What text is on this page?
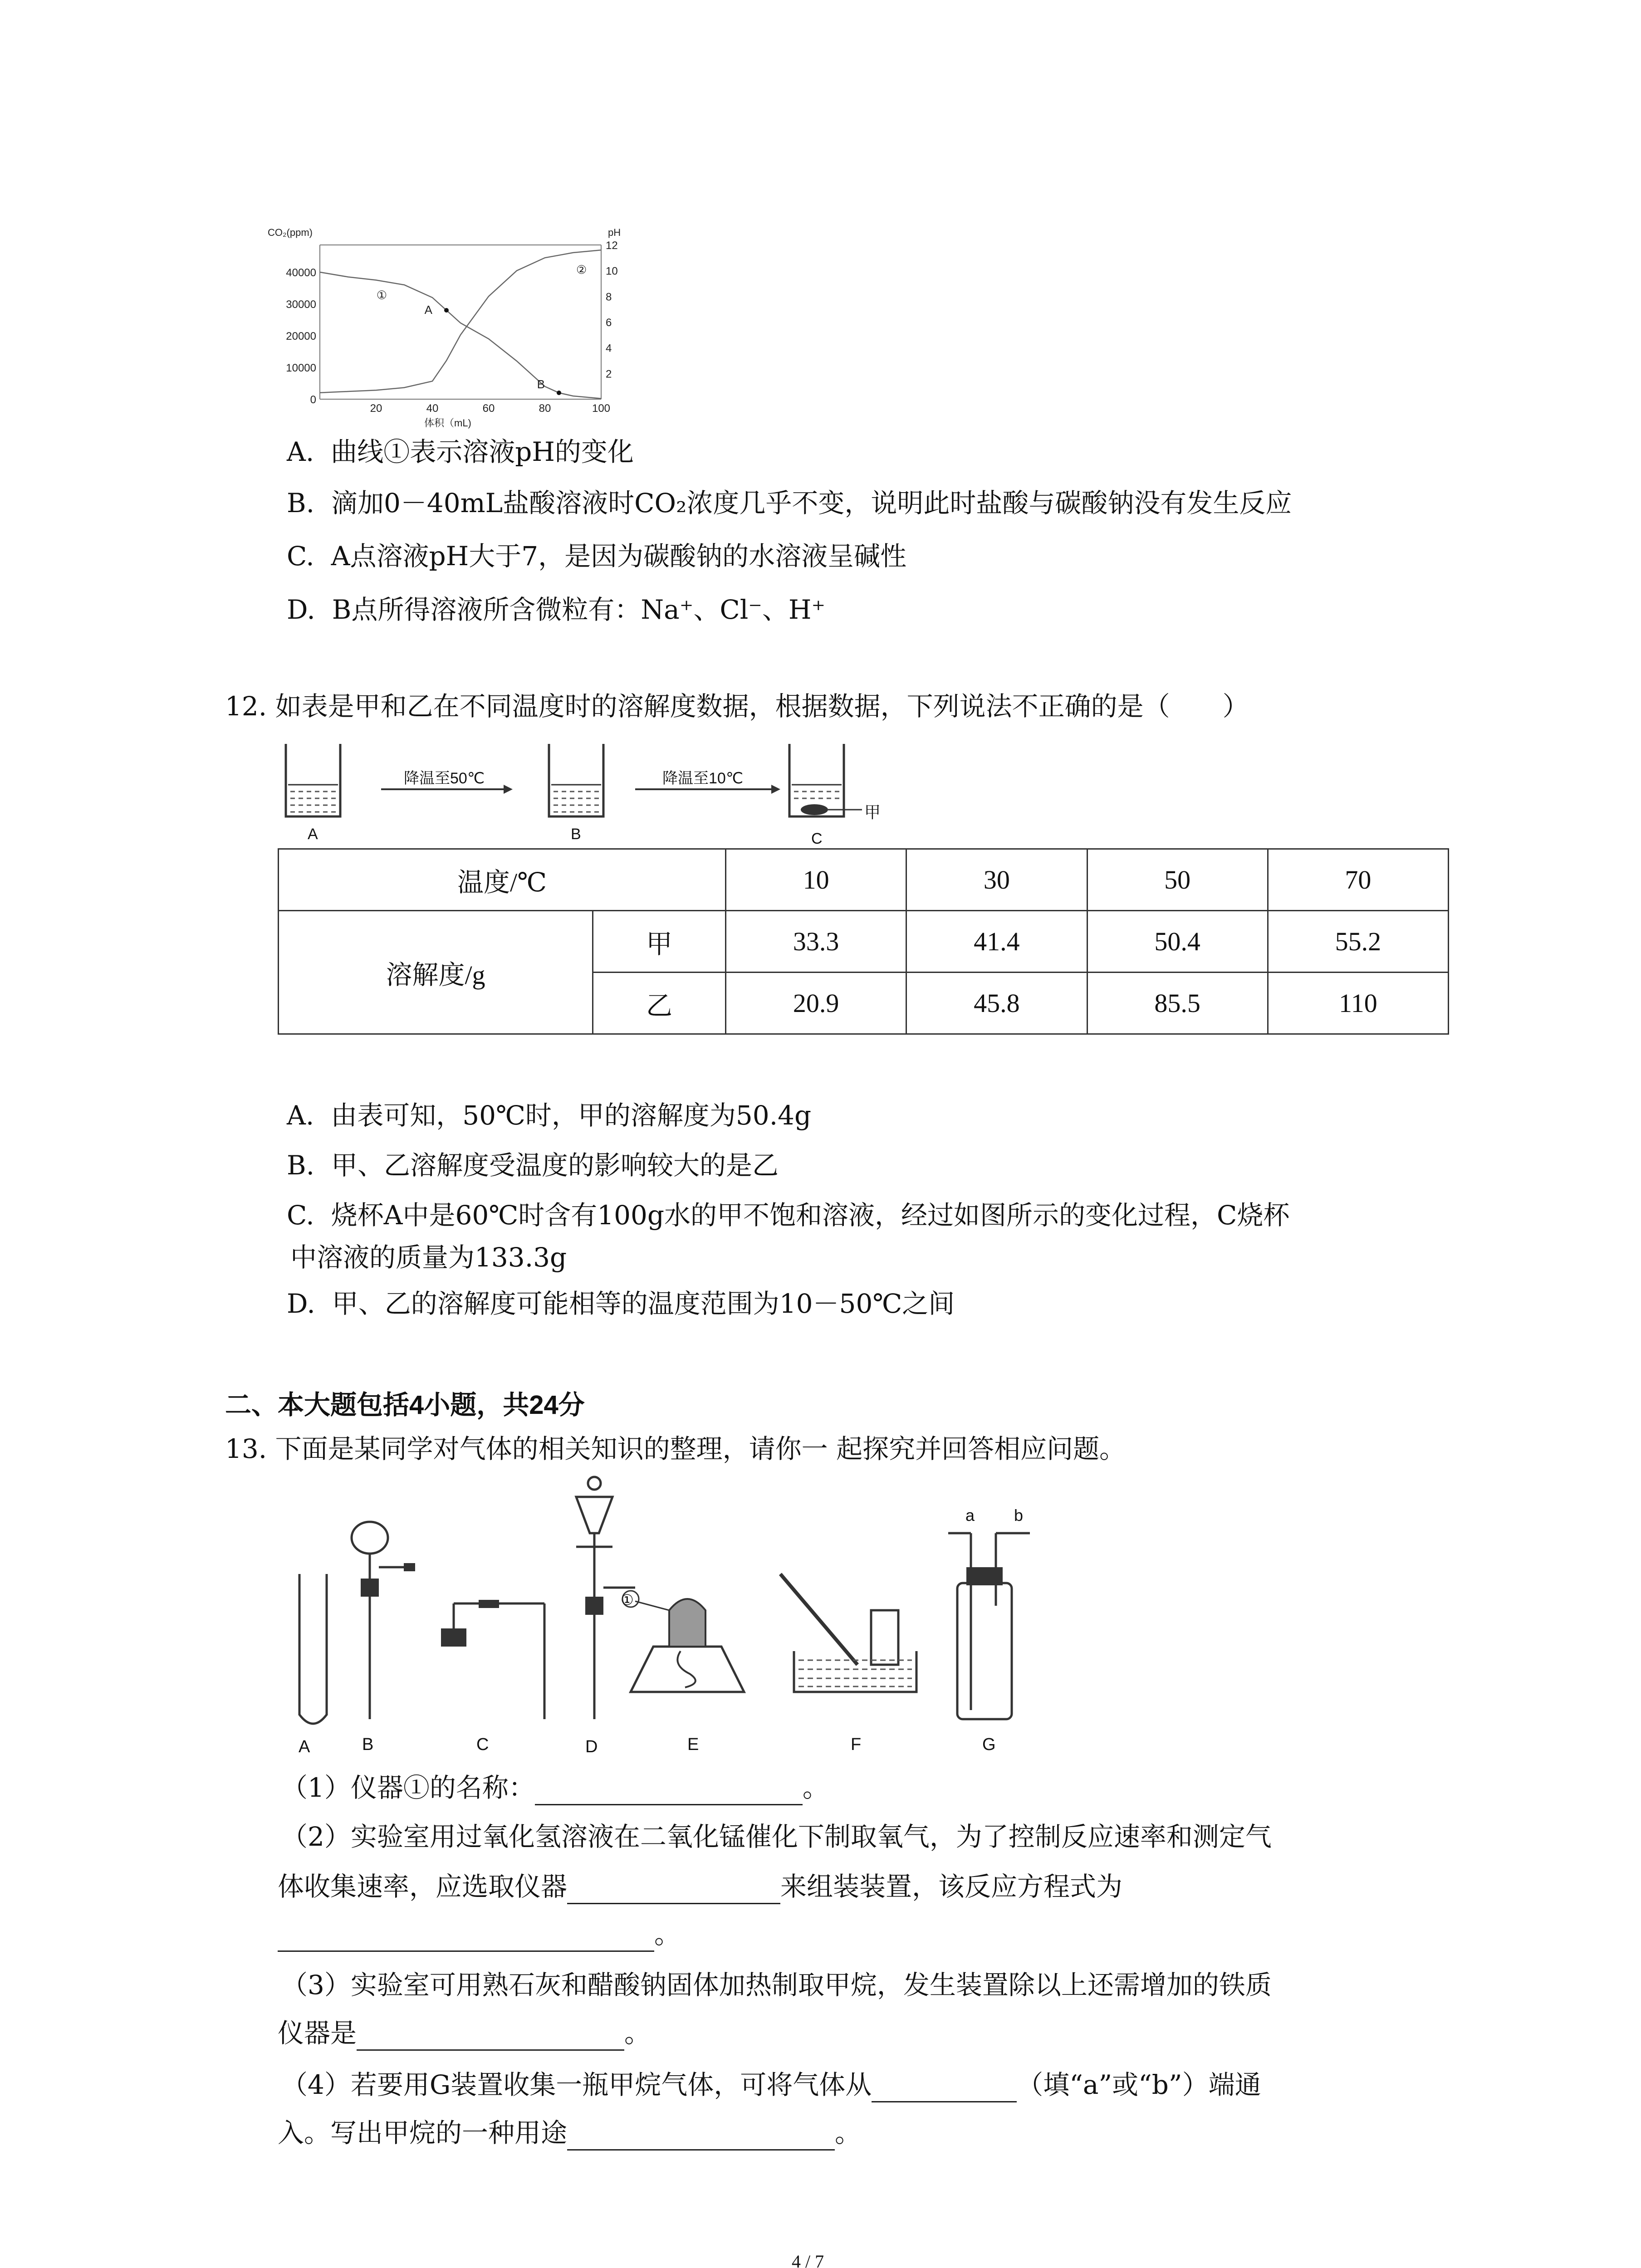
40000
30000
20000
10000
0
12
10
8
6
4
2
20	40	60	80	100
CO₂(ppm)	pH
体积（mL)
①
②
A
B
A. 曲线①表示溶液pH的变化
B. 滴加0－40mL盐酸溶液时CO₂浓度几乎不变，说明此时盐酸与碳酸钠没有发生反应
C. A点溶液pH大于7，是因为碳酸钠的水溶液呈碱性
D. B点所得溶液所含微粒有：Na⁺、Cl⁻、H⁺
12. 如表是甲和乙在不同温度时的溶解度数据，根据数据，下列说法不正确的是（　　）
降温至50℃	降温至10℃
A	B	C
甲
温度/℃		10	30	50	70
溶解度/g	甲	33.3	41.4	50.4	55.2
	乙	20.9	45.8	85.5	110
A. 由表可知，50℃时，甲的溶解度为50.4g
B. 甲、乙溶解度受温度的影响较大的是乙
C. 烧杯A中是60℃时含有100g水的甲不饱和溶液，经过如图所示的变化过程，C烧杯
中溶液的质量为133.3g
D. 甲、乙的溶解度可能相等的温度范围为10－50℃之间
二、本大题包括4小题，共24分
13. 下面是某同学对气体的相关知识的整理，请你一 起探究并回答相应问题。
A	B	C	D	E	F	G
①
a b
（1）仪器①的名称：	。
（2）实验室用过氧化氢溶液在二氧化锰催化下制取氧气，为了控制反应速率和测定气
体收集速率，应选取仪器	来组装装置，该反应方程式为
。
（3）实验室可用熟石灰和醋酸钠固体加热制取甲烷，发生装置除以上还需增加的铁质
仪器是	。
（4）若要用G装置收集一瓶甲烷气体，可将气体从	（填“a”或“b”）端通
入。写出甲烷的一种用途	。
4 / 7
